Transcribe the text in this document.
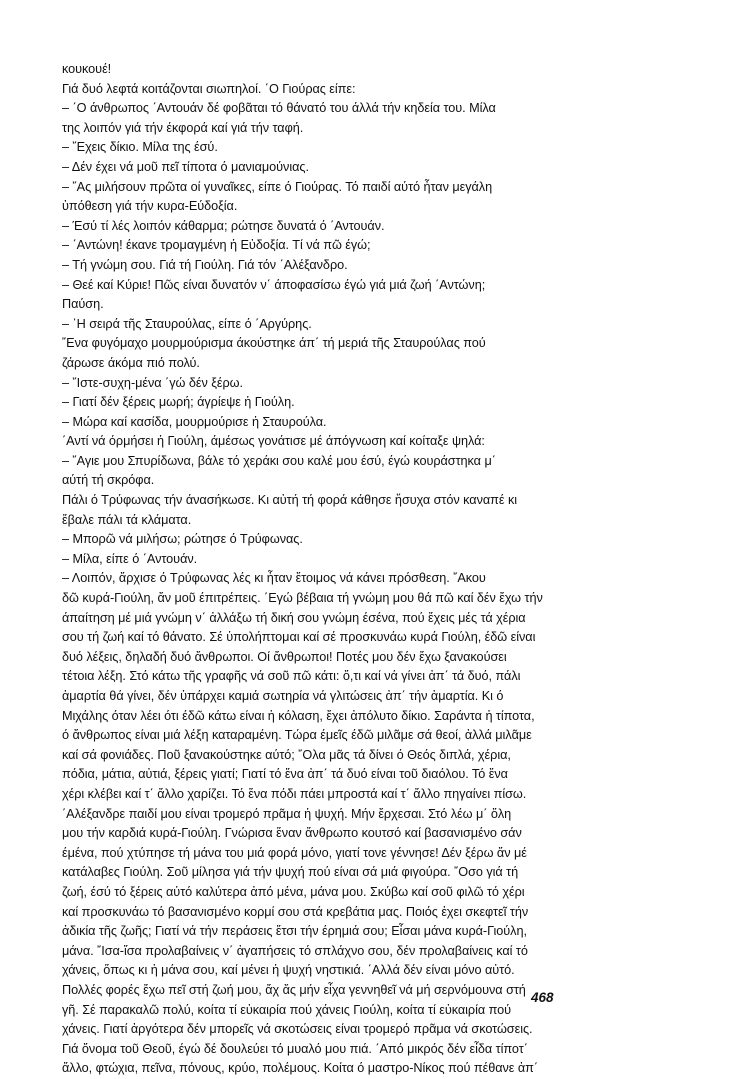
κουκουέ!
Γιά δυό λεφτά κοιτάζονται σιωπηλοί. ΄Ο Γιούρας είπε:
– ΄Ο άνθρωπος ΄Αντουάν δέ φοβᾶται τό θάνατό του άλλά τήν κηδεία του. Μίλα
της λοιπόν γιά τήν έκφορά καί γιά τήν ταφή.
– ῎Εχεις δίκιο. Μίλα της έσύ.
– Δέν έχει νά μοῦ πεῖ τίποτα ό μανιαμούνιας.
– ῎Ας μιλήσουν πρῶτα οί γυναῖκες, είπε ό Γιούρας. Τό παιδί αύτό ἦταν μεγάλη
ὑπόθεση γιά τήν κυρα-Εύδοξία.
– Έσύ τί λές λοιπόν κάθαρμα; ρώτησε δυνατά ό ΄Αντουάν.
– ΄Αντώνη! έκανε τρομαγμένη ἡ Εὐδοξία. Τί νά πῶ έγώ;
– Τή γνώμη σου. Γιά τή Γιούλη. Γιά τόν ΄Αλέξανδρο.
– Θεέ καί Κύριε! Πῶς είναι δυνατόν ν΄ άποφασίσω έγώ γιά μιά ζωή ΄Αντώνη;
Παύση.
– ῾Η σειρά τῆς Σταυρούλας, είπε ό ΄Αργύρης.
῎Ενα φυγόμαχο μουρμούρισμα άκούστηκε άπ΄ τή μεριά τῆς Σταυρούλας πού
ζάρωσε άκόμα πιό πολύ.
– ῎Ιστε-συχη-μένα ΄γώ δέν ξέρω.
– Γιατί δέν ξέρεις μωρή; άγρίεψε ἡ Γιούλη.
– Μώρα καί κασίδα, μουρμούρισε ἡ Σταυρούλα.
΄Αντί νά όρμήσει ἡ Γιούλη, άμέσως γονάτισε μέ άπόγνωση καί κοίταξε ψηλά:
– ῎Αγιε μου Σπυρίδωνα, βάλε τό χεράκι σου καλέ μου έσύ, έγώ κουράστηκα μ΄
αύτή τή σκρόφα.
Πάλι ό Τρύφωνας τήν άνασήκωσε. Κι αὐτή τή φορά κάθησε ἥσυχα στόν καναπέ κι
ἔβαλε πάλι τά κλάματα.
– Μπορῶ νά μιλήσω; ρώτησε ό Τρύφωνας.
– Μίλα, είπε ό ΄Αντουάν.
– Λοιπόν, ἄρχισε ό Τρύφωνας λές κι ἦταν ἕτοιμος νά κάνει πρόσθεση. ῎Ακου
δῶ κυρά-Γιούλη, ἄν μοῦ έπιτρέπεις. ΄Εγώ βέβαια τή γνώμη μου θά πῶ καί δέν ἔχω τήν
άπαίτηση μέ μιά γνώμη ν΄ ἀλλάξω τή δική σου γνώμη έσένα, πού ἔχεις μές τά χέρια
σου τή ζωή καί τό θάνατο. Σέ ὑπολήπτομαι καί σέ προσκυνάω κυρά Γιούλη, έδῶ είναι
δυό λέξεις, δηλαδή δυό ἄνθρωποι. Οί ἄνθρωποι! Ποτές μου δέν ἔχω ξανακούσει
τέτοια λέξη. Στό κάτω τῆς γραφῆς νά σοῦ πῶ κάτι: ὅ,τι καί νά γίνει ἀπ΄ τά δυό, πάλι
ἁμαρτία θά γίνει, δέν ὑπάρχει καμιά σωτηρία νά γλιτώσεις ἀπ΄ τήν ἁμαρτία. Κι ό
Μιχάλης όταν λέει ότι έδῶ κάτω είναι ἡ κόλαση, ἔχει ἀπόλυτο δίκιο. Σαράντα ἡ τίποτα,
ό ἄνθρωπος είναι μιά λέξη καταραμένη. Τώρα έμεῖς έδῶ μιλᾶμε σά θεοί, ἀλλά μιλᾶμε
καί σά φονιάδες. Ποῦ ξανακούστηκε αύτό; ῎Ολα μᾶς τά δίνει ό Θεός διπλά, χέρια,
πόδια, μάτια, αὐτιά, ξέρεις γιατί; Γιατί τό ἕνα ἀπ΄ τά δυό είναι τοῦ διαόλου. Τό ἕνα
χέρι κλέβει καί τ΄ ἄλλο χαρίζει. Τό ἕνα πόδι πάει μπροστά καί τ΄ ἄλλο πηγαίνει πίσω.
΄Αλέξανδρε παιδί μου είναι τρομερό πρᾶμα ἡ ψυχή. Μήν ἔρχεσαι. Στό λέω μ΄ ὅλη
μου τήν καρδιά κυρά-Γιούλη. Γνώρισα ἕναν ἄνθρωπο κουτσό καί βασανισμένο σάν
έμένα, πού χτύπησε τή μάνα του μιά φορά μόνο, γιατί τονε γέννησε! Δέν ξέρω ἄν μέ
κατάλαβες Γιούλη. Σοῦ μίλησα γιά τήν ψυχή πού είναι σά μιά φιγούρα. ῎Οσο γιά τή
ζωή, έσύ τό ξέρεις αὐτό καλύτερα ἀπό μένα, μάνα μου. Σκύβω καί σοῦ φιλῶ τό χέρι
καί προσκυνάω τό βασανισμένο κορμί σου στά κρεβάτια μας. Ποιός ἐχει σκεφτεῖ τήν
ἀδικία τῆς ζωῆς; Γιατί νά τήν περάσεις ἔτσι τήν έρημιά σου; Εἶσαι μάνα κυρά-Γιούλη,
μάνα. ῎Ισα-ἴσα προλαβαίνεις ν΄ ἀγαπήσεις τό σπλάχνο σου, δέν προλαβαίνεις καί τό
χάνεις, ὅπως κι ἡ μάνα σου, καί μένει ἡ ψυχή νηστικιά. ΄Αλλά δέν είναι μόνο αὐτό.
Πολλές φορές ἔχω πεῖ στή ζωή μου, ἄχ ἄς μήν εἶχα γεννηθεῖ νά μή σερνόμουνα στή
γῆ. Σέ παρακαλῶ πολύ, κοίτα τί εὐκαιρία πού χάνεις Γιούλη, κοίτα τί εὐκαιρία πού
χάνεις. Γιατί ἀργότερα δέν μπορεῖς νά σκοτώσεις είναι τρομερό πρᾶμα νά σκοτώσεις.
Γιά ὄνομα τοῦ Θεοῦ, έγώ δέ δουλεύει τό μυαλό μου πιά. ΄Από μικρός δέν εἶδα τίποτ΄
ἄλλο, φτώχια, πεῖνα, πόνους, κρύο, πολέμους. Κοίτα ό μαστρο-Νίκος πού πέθανε ἀπ΄
468
